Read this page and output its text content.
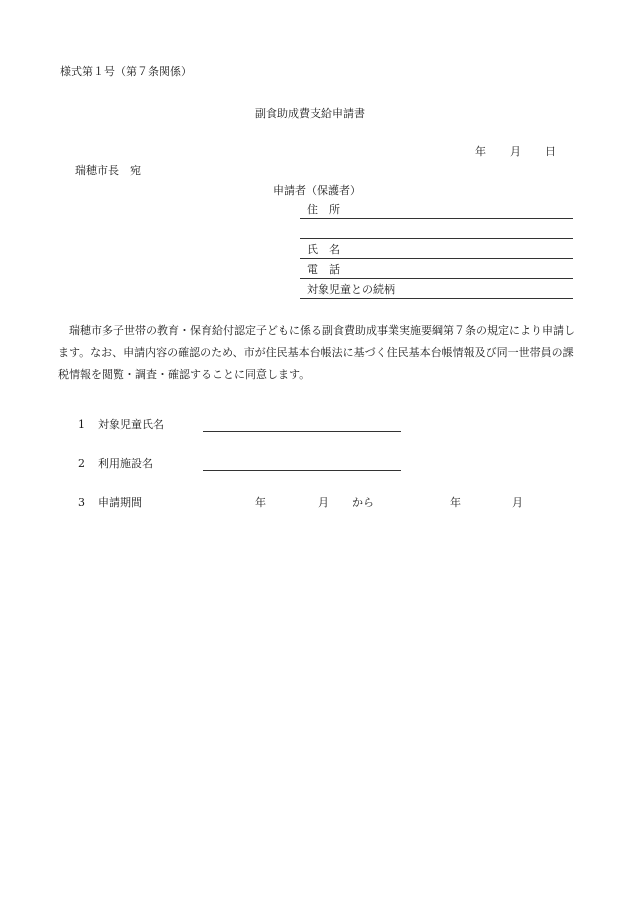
様式第１号（第７条関係）
副食助成費支給申請書
年 月 日
瑞穂市長　宛
申請者（保護者）
住　所
氏　名
電　話
対象児童との続柄
瑞穂市多子世帯の教育・保育給付認定子どもに係る副食費助成事業実施要綱第７条の規定により申請します。なお、申請内容の確認のため、市が住民基本台帳法に基づく住民基本台帳情報及び同一世帯員の課税情報を閲覧・調査・確認することに同意します。
1 対象児童氏名
2 利用施設名
3 申請期間	年	月 から	年	月
